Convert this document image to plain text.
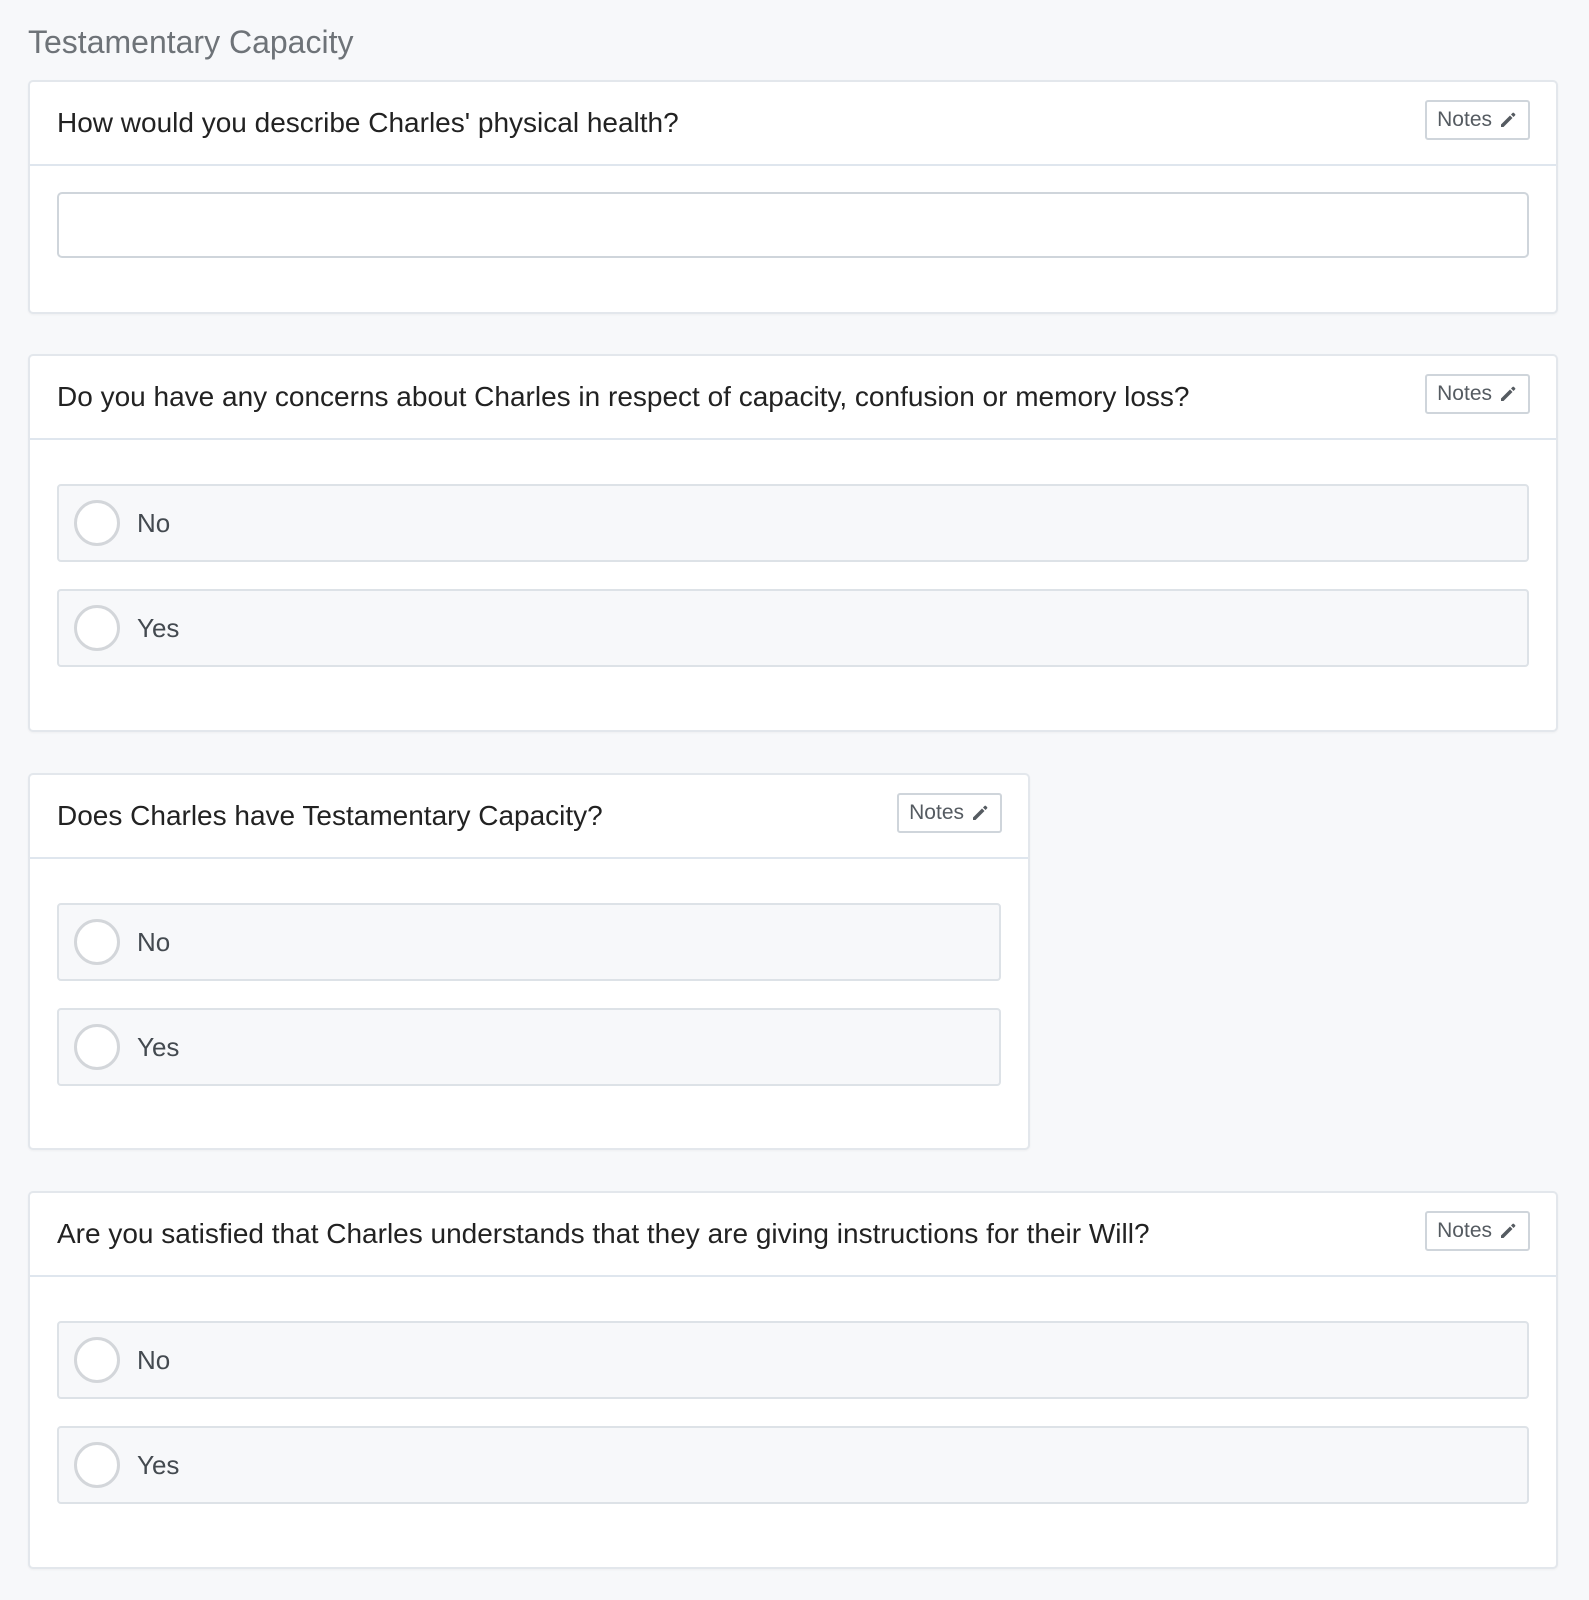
Testamentary Capacity
How would you describe Charles' physical health?	Notes
Do you have any concerns about Charles in respect of capacity, confusion or memory loss?	Notes
No
Yes
Does Charles have Testamentary Capacity?	Notes
No
Yes
Are you satisfied that Charles understands that they are giving instructions for their Will?	Notes
No
Yes
